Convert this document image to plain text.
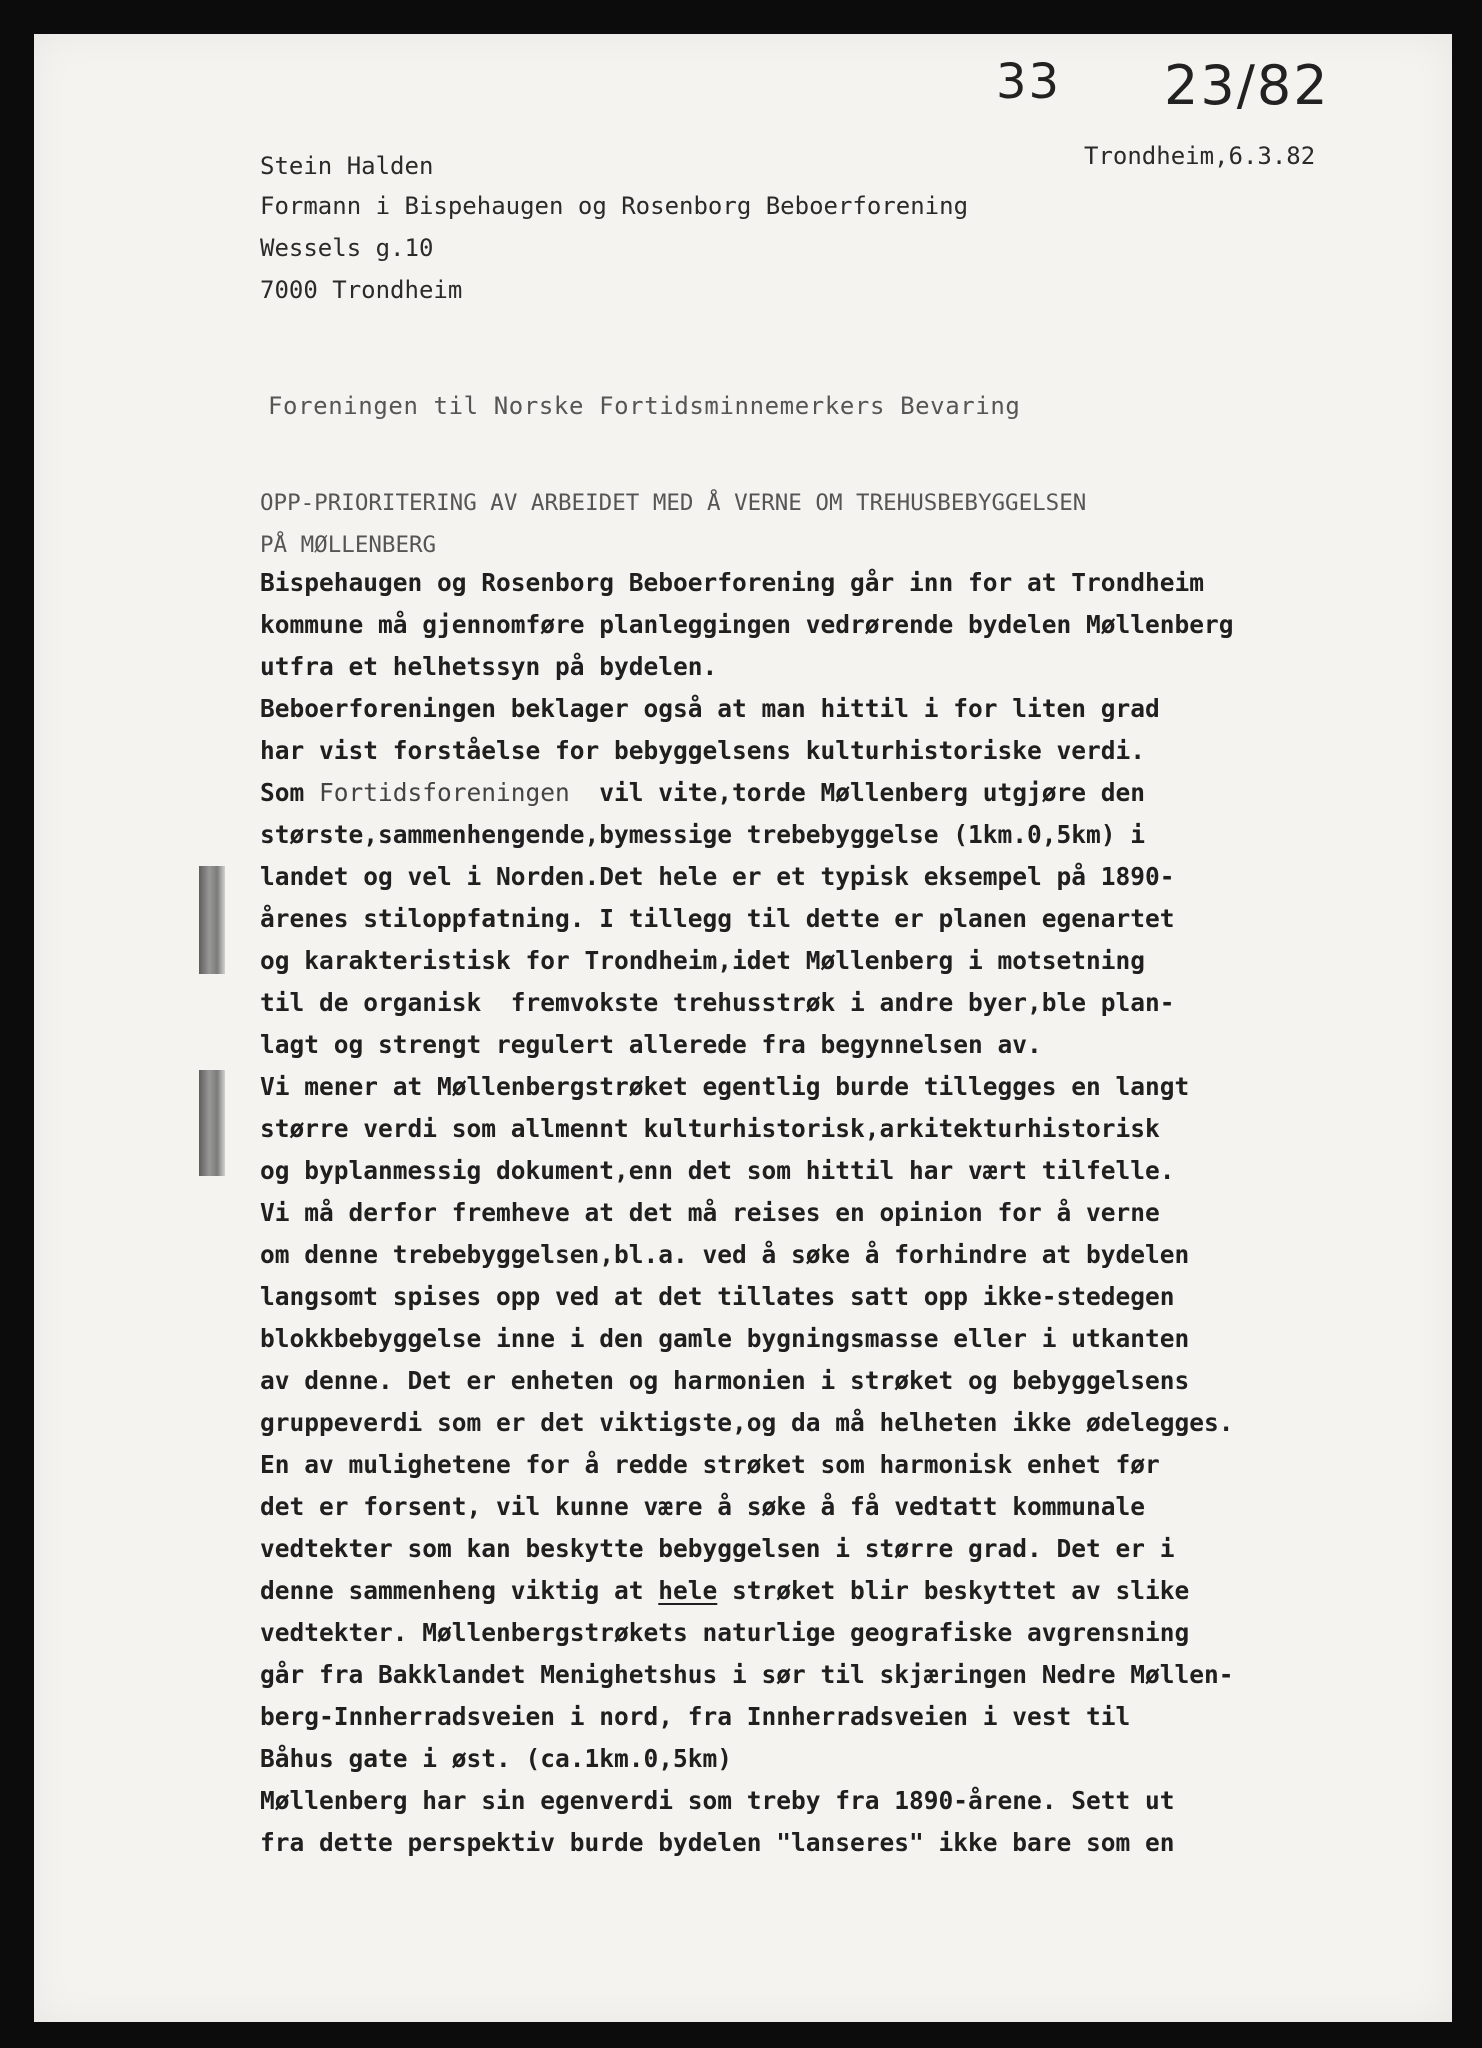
33 23/82
Stein Halden	Trondheim,6.3.82
Formann i Bispehaugen og Rosenborg Beboerforening
Wessels g.10
7000 Trondheim
Foreningen til Norske Fortidsminnemerkers Bevaring
OPP-PRIORITERING AV ARBEIDET MED Å VERNE OM TREHUSBEBYGGELSEN
PÅ MØLLENBERG
Bispehaugen og Rosenborg Beboerforening går inn for at Trondheim
kommune må gjennomføre planleggingen vedrørende bydelen Møllenberg
utfra et helhetssyn på bydelen.
Beboerforeningen beklager også at man hittil i for liten grad
har vist forståelse for bebyggelsens kulturhistoriske verdi.
Som Fortidsforeningen  vil vite,torde Møllenberg utgjøre den
største,sammenhengende,bymessige trebebyggelse (1km.0,5km) i
landet og vel i Norden.Det hele er et typisk eksempel på 1890-
årenes stiloppfatning. I tillegg til dette er planen egenartet
og karakteristisk for Trondheim,idet Møllenberg i motsetning
til de organisk  fremvokste trehusstrøk i andre byer,ble plan-
lagt og strengt regulert allerede fra begynnelsen av.
Vi mener at Møllenbergstrøket egentlig burde tillegges en langt
større verdi som allmennt kulturhistorisk,arkitekturhistorisk
og byplanmessig dokument,enn det som hittil har vært tilfelle.
Vi må derfor fremheve at det må reises en opinion for å verne
om denne trebebyggelsen,bl.a. ved å søke å forhindre at bydelen
langsomt spises opp ved at det tillates satt opp ikke-stedegen
blokkbebyggelse inne i den gamle bygningsmasse eller i utkanten
av denne. Det er enheten og harmonien i strøket og bebyggelsens
gruppeverdi som er det viktigste,og da må helheten ikke ødelegges.
En av mulighetene for å redde strøket som harmonisk enhet før
det er forsent, vil kunne være å søke å få vedtatt kommunale
vedtekter som kan beskytte bebyggelsen i større grad. Det er i
denne sammenheng viktig at hele strøket blir beskyttet av slike
vedtekter. Møllenbergstrøkets naturlige geografiske avgrensning
går fra Bakklandet Menighetshus i sør til skjæringen Nedre Møllen-
berg-Innherradsveien i nord, fra Innherradsveien i vest til
Båhus gate i øst. (ca.1km.0,5km)
Møllenberg har sin egenverdi som treby fra 1890-årene. Sett ut
fra dette perspektiv burde bydelen "lanseres" ikke bare som en
